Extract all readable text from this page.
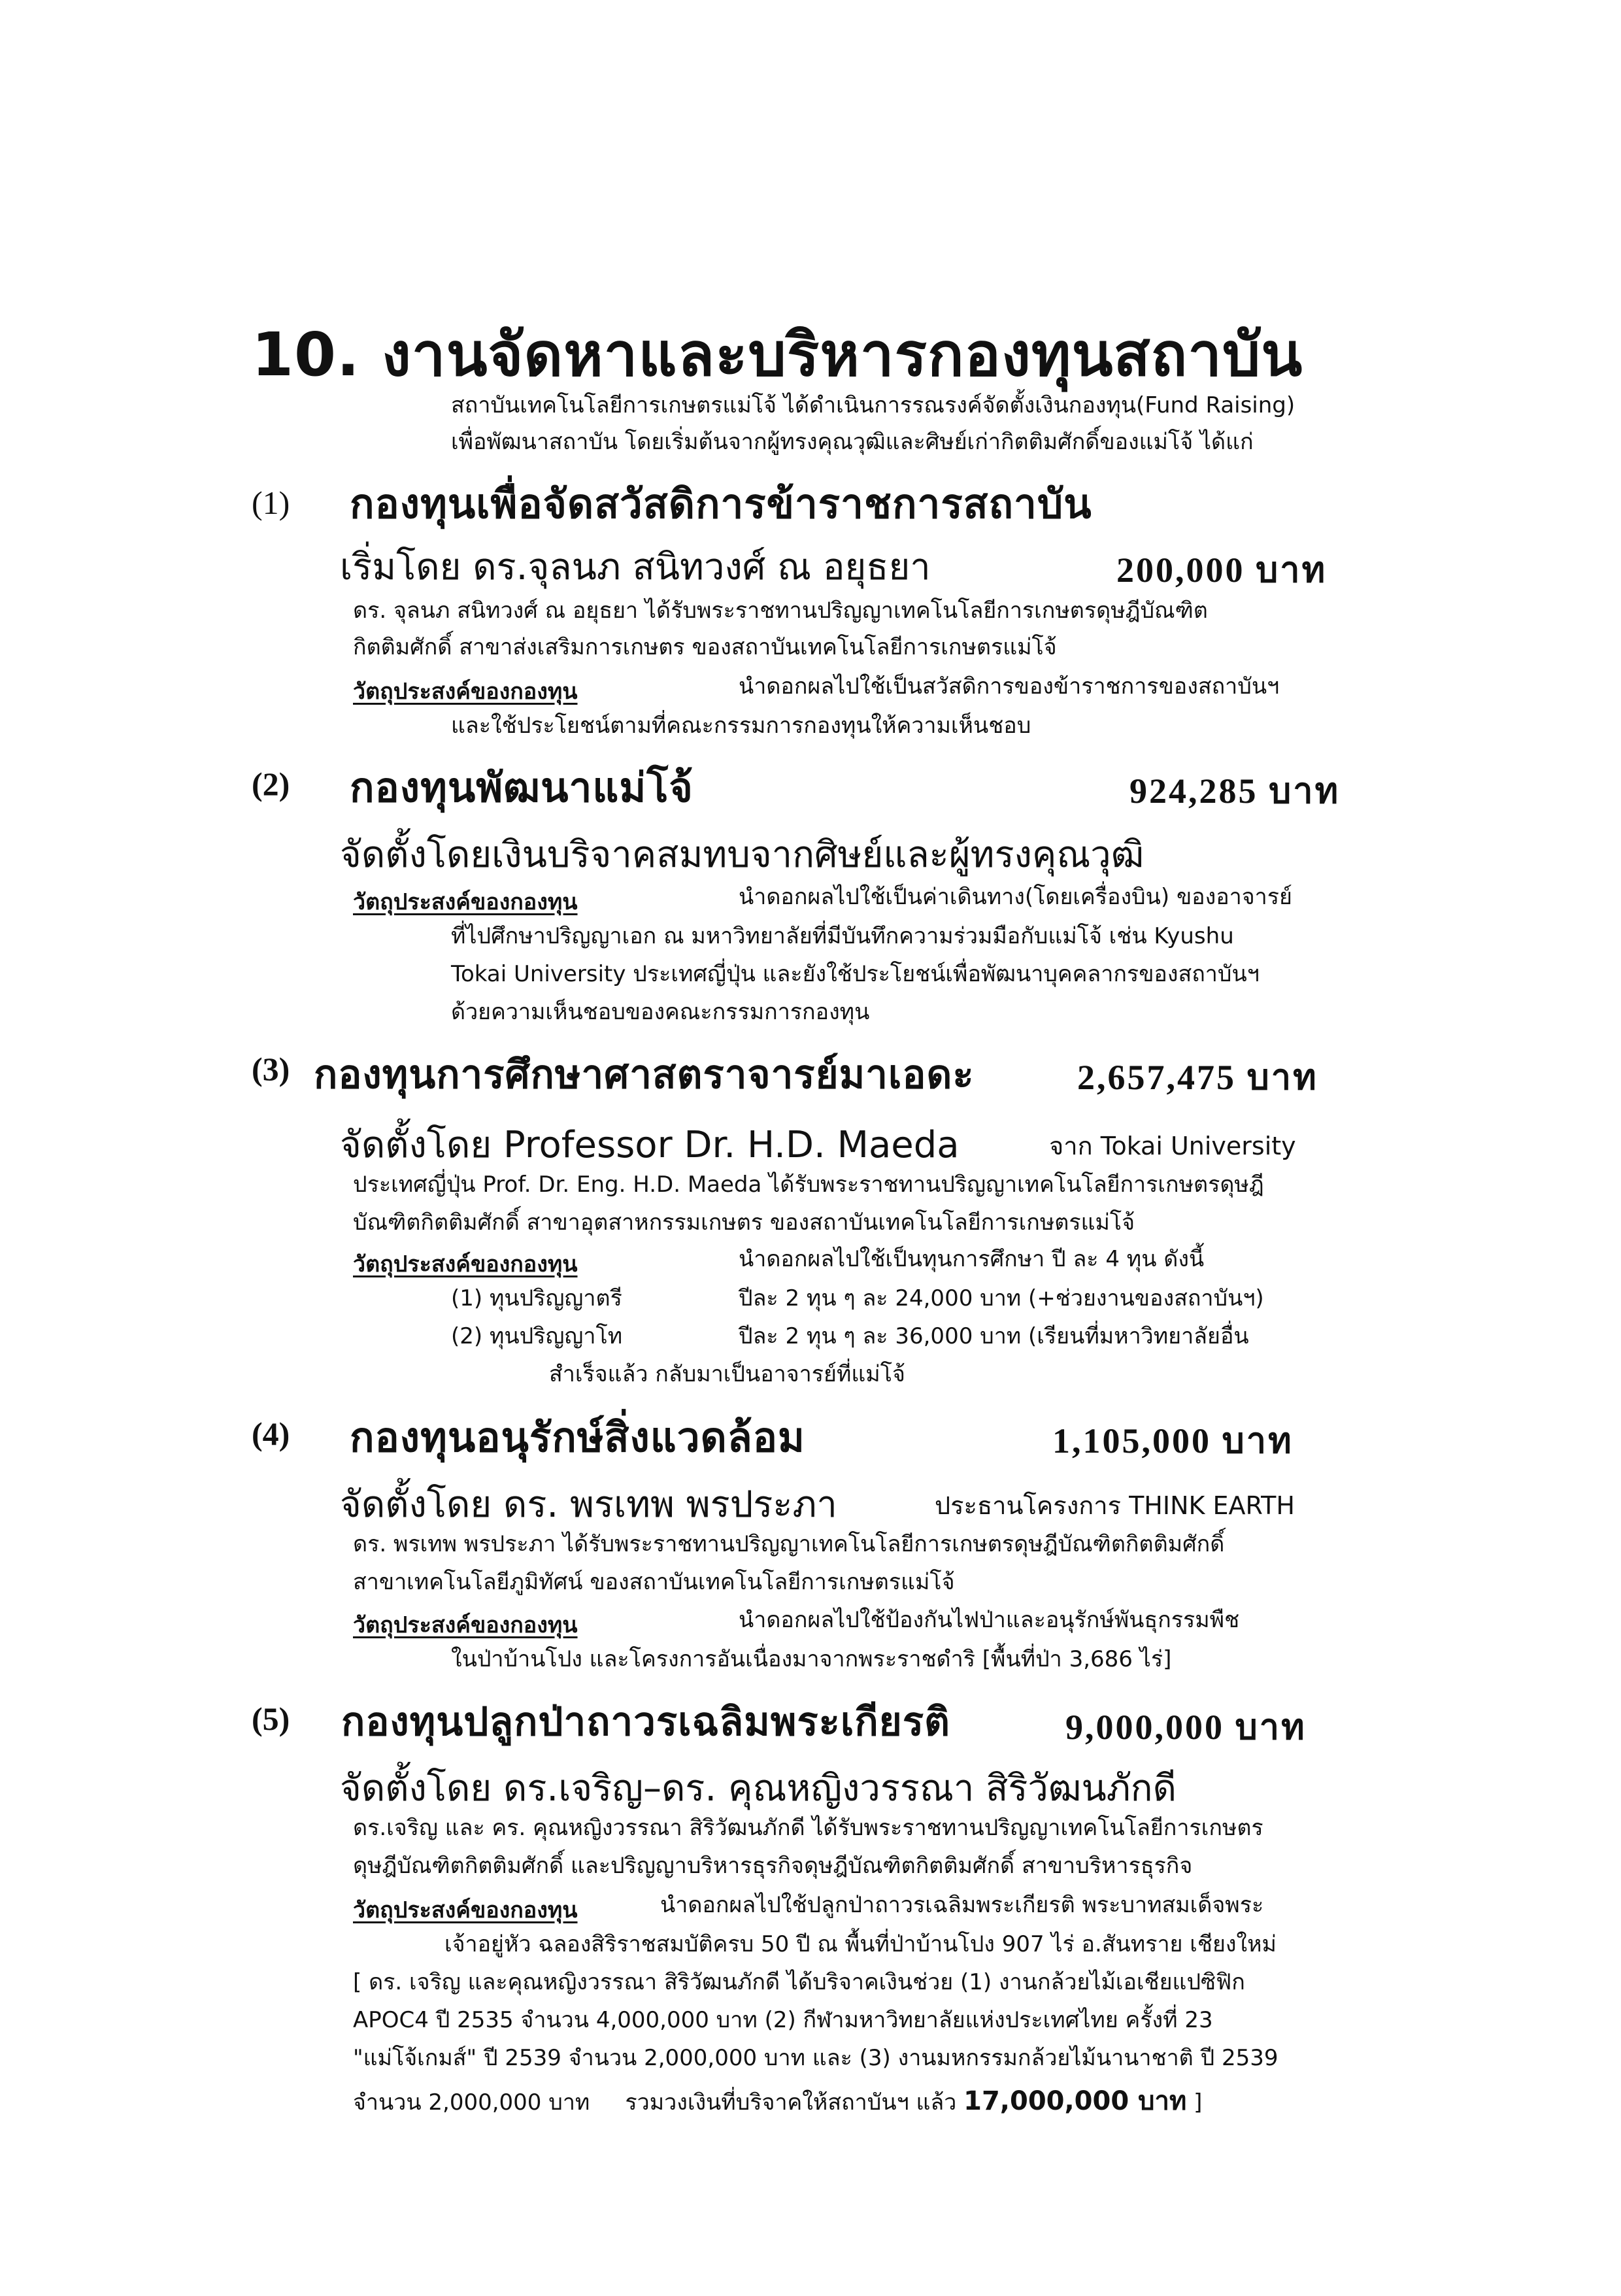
10. งานจัดหาและบริหารกองทุนสถาบัน
สถาบันเทคโนโลยีการเกษตรแม่โจ้ ได้ดำเนินการรณรงค์จัดตั้งเงินกองทุน(Fund Raising)
เพื่อพัฒนาสถาบัน โดยเริ่มต้นจากผู้ทรงคุณวุฒิและศิษย์เก่ากิตติมศักดิ์ของแม่โจ้ ได้แก่
(1) กองทุนเพื่อจัดสวัสดิการข้าราชการสถาบัน
เริ่มโดย ดร.จุลนภ สนิทวงศ์ ณ อยุธยา	200,000 บาท
ดร. จุลนภ สนิทวงศ์ ณ อยุธยา ได้รับพระราชทานปริญญาเทคโนโลยีการเกษตรดุษฎีบัณฑิต
กิตติมศักดิ์ สาขาส่งเสริมการเกษตร ของสถาบันเทคโนโลยีการเกษตรแม่โจ้
วัตถุประสงค์ของกองทุน	นำดอกผลไปใช้เป็นสวัสดิการของข้าราชการของสถาบันฯ
และใช้ประโยชน์ตามที่คณะกรรมการกองทุนให้ความเห็นชอบ
(2) กองทุนพัฒนาแม่โจ้	924,285 บาท
จัดตั้งโดยเงินบริจาคสมทบจากศิษย์และผู้ทรงคุณวุฒิ
วัตถุประสงค์ของกองทุน	นำดอกผลไปใช้เป็นค่าเดินทาง(โดยเครื่องบิน) ของอาจารย์
ที่ไปศึกษาปริญญาเอก ณ มหาวิทยาลัยที่มีบันทึกความร่วมมือกับแม่โจ้ เช่น Kyushu
Tokai University ประเทศญี่ปุ่น และยังใช้ประโยชน์เพื่อพัฒนาบุคคลากรของสถาบันฯ
ด้วยความเห็นชอบของคณะกรรมการกองทุน
(3) กองทุนการศึกษาศาสตราจารย์มาเอดะ	2,657,475 บาท
จัดตั้งโดย Professor Dr. H.D. Maeda	จาก Tokai University
ประเทศญี่ปุ่น Prof. Dr. Eng. H.D. Maeda ได้รับพระราชทานปริญญาเทคโนโลยีการเกษตรดุษฎี
บัณฑิตกิตติมศักดิ์ สาขาอุตสาหกรรมเกษตร ของสถาบันเทคโนโลยีการเกษตรแม่โจ้
วัตถุประสงค์ของกองทุน	นำดอกผลไปใช้เป็นทุนการศึกษา ปี ละ 4 ทุน ดังนี้
(1) ทุนปริญญาตรี	ปีละ 2 ทุน ๆ ละ 24,000 บาท (+ช่วยงานของสถาบันฯ)
(2) ทุนปริญญาโท	ปีละ 2 ทุน ๆ ละ 36,000 บาท (เรียนที่มหาวิทยาลัยอื่น
สำเร็จแล้ว กลับมาเป็นอาจารย์ที่แม่โจ้
(4) กองทุนอนุรักษ์สิ่งแวดล้อม	1,105,000 บาท
จัดตั้งโดย ดร. พรเทพ พรประภา	ประธานโครงการ THINK EARTH
ดร. พรเทพ พรประภา ได้รับพระราชทานปริญญาเทคโนโลยีการเกษตรดุษฎีบัณฑิตกิตติมศักดิ์
สาขาเทคโนโลยีภูมิทัศน์ ของสถาบันเทคโนโลยีการเกษตรแม่โจ้
วัตถุประสงค์ของกองทุน	นำดอกผลไปใช้ป้องกันไฟป่าและอนุรักษ์พันธุกรรมพืช
ในป่าบ้านโปง และโครงการอันเนื่องมาจากพระราชดำริ [พื้นที่ป่า 3,686 ไร่]
(5) กองทุนปลูกป่าถาวรเฉลิมพระเกียรติ	9,000,000 บาท
จัดตั้งโดย ดร.เจริญ–ดร. คุณหญิงวรรณา สิริวัฒนภักดี
ดร.เจริญ และ คร. คุณหญิงวรรณา สิริวัฒนภักดี ได้รับพระราชทานปริญญาเทคโนโลยีการเกษตร
ดุษฎีบัณฑิตกิตติมศักดิ์ และปริญญาบริหารธุรกิจดุษฎีบัณฑิตกิตติมศักดิ์ สาขาบริหารธุรกิจ
วัตถุประสงค์ของกองทุน	นำดอกผลไปใช้ปลูกป่าถาวรเฉลิมพระเกียรติ พระบาทสมเด็จพระ
เจ้าอยู่หัว ฉลองสิริราชสมบัติครบ 50 ปี ณ พื้นที่ป่าบ้านโปง 907 ไร่ อ.สันทราย เชียงใหม่
[ ดร. เจริญ และคุณหญิงวรรณา สิริวัฒนภักดี ได้บริจาคเงินช่วย (1) งานกล้วยไม้เอเชียแปซิฟิก
APOC4 ปี 2535 จำนวน 4,000,000 บาท (2) กีฬามหาวิทยาลัยแห่งประเทศไทย ครั้งที่ 23
"แม่โจ้เกมส์" ปี 2539 จำนวน 2,000,000 บาท และ (3) งานมหกรรมกล้วยไม้นานาชาติ ปี 2539
จำนวน 2,000,000 บาท     รวมวงเงินที่บริจาคให้สถาบันฯ แล้ว 17,000,000 บาท ]
